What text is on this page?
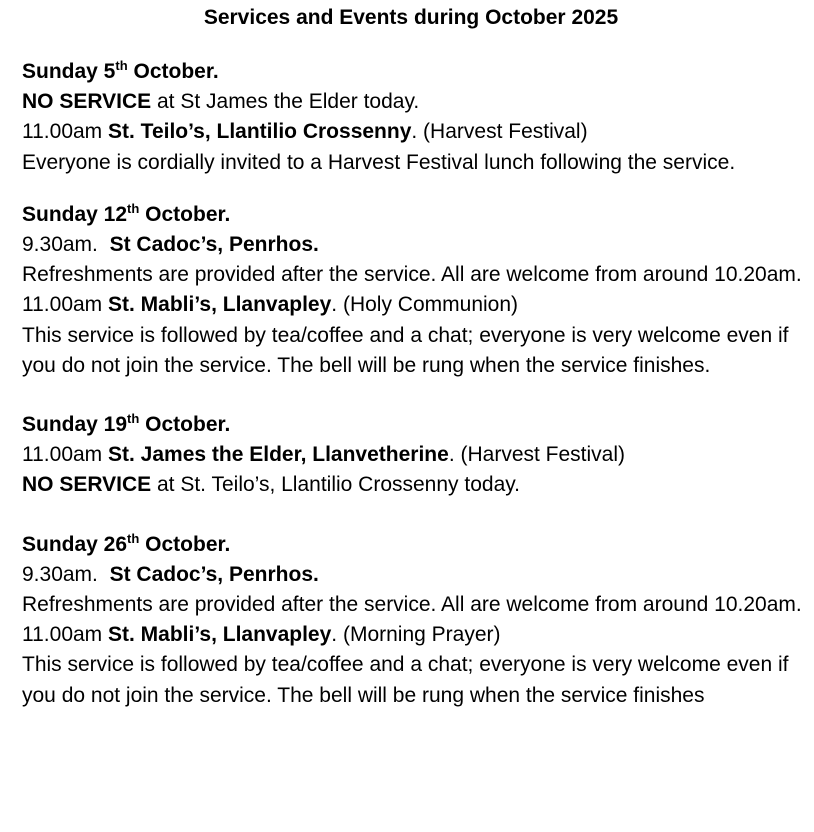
Services and Events during October 2025

Sunday 5th October.

NO SERVICE at St James the Elder today.

11.00am St. Teilo’s, Llantilio Crossenny. (Harvest Festival)

Everyone is cordially invited to a Harvest Festival lunch following the service.

Sunday 12th October.

9.30am.  St Cadoc’s, Penrhos.

Refreshments are provided after the service. All are welcome from around 10.20am.

11.00am St. Mabli’s, Llanvapley. (Holy Communion)

This service is followed by tea/coffee and a chat; everyone is very welcome even if you do not join the service. The bell will be rung when the service finishes.

Sunday 19th October.

11.00am St. James the Elder, Llanvetherine. (Harvest Festival)

NO SERVICE at St. Teilo’s, Llantilio Crossenny today.

Sunday 26th October.

9.30am.  St Cadoc’s, Penrhos.

Refreshments are provided after the service. All are welcome from around 10.20am.

11.00am St. Mabli’s, Llanvapley. (Morning Prayer)

This service is followed by tea/coffee and a chat; everyone is very welcome even if you do not join the service. The bell will be rung when the service finishes
